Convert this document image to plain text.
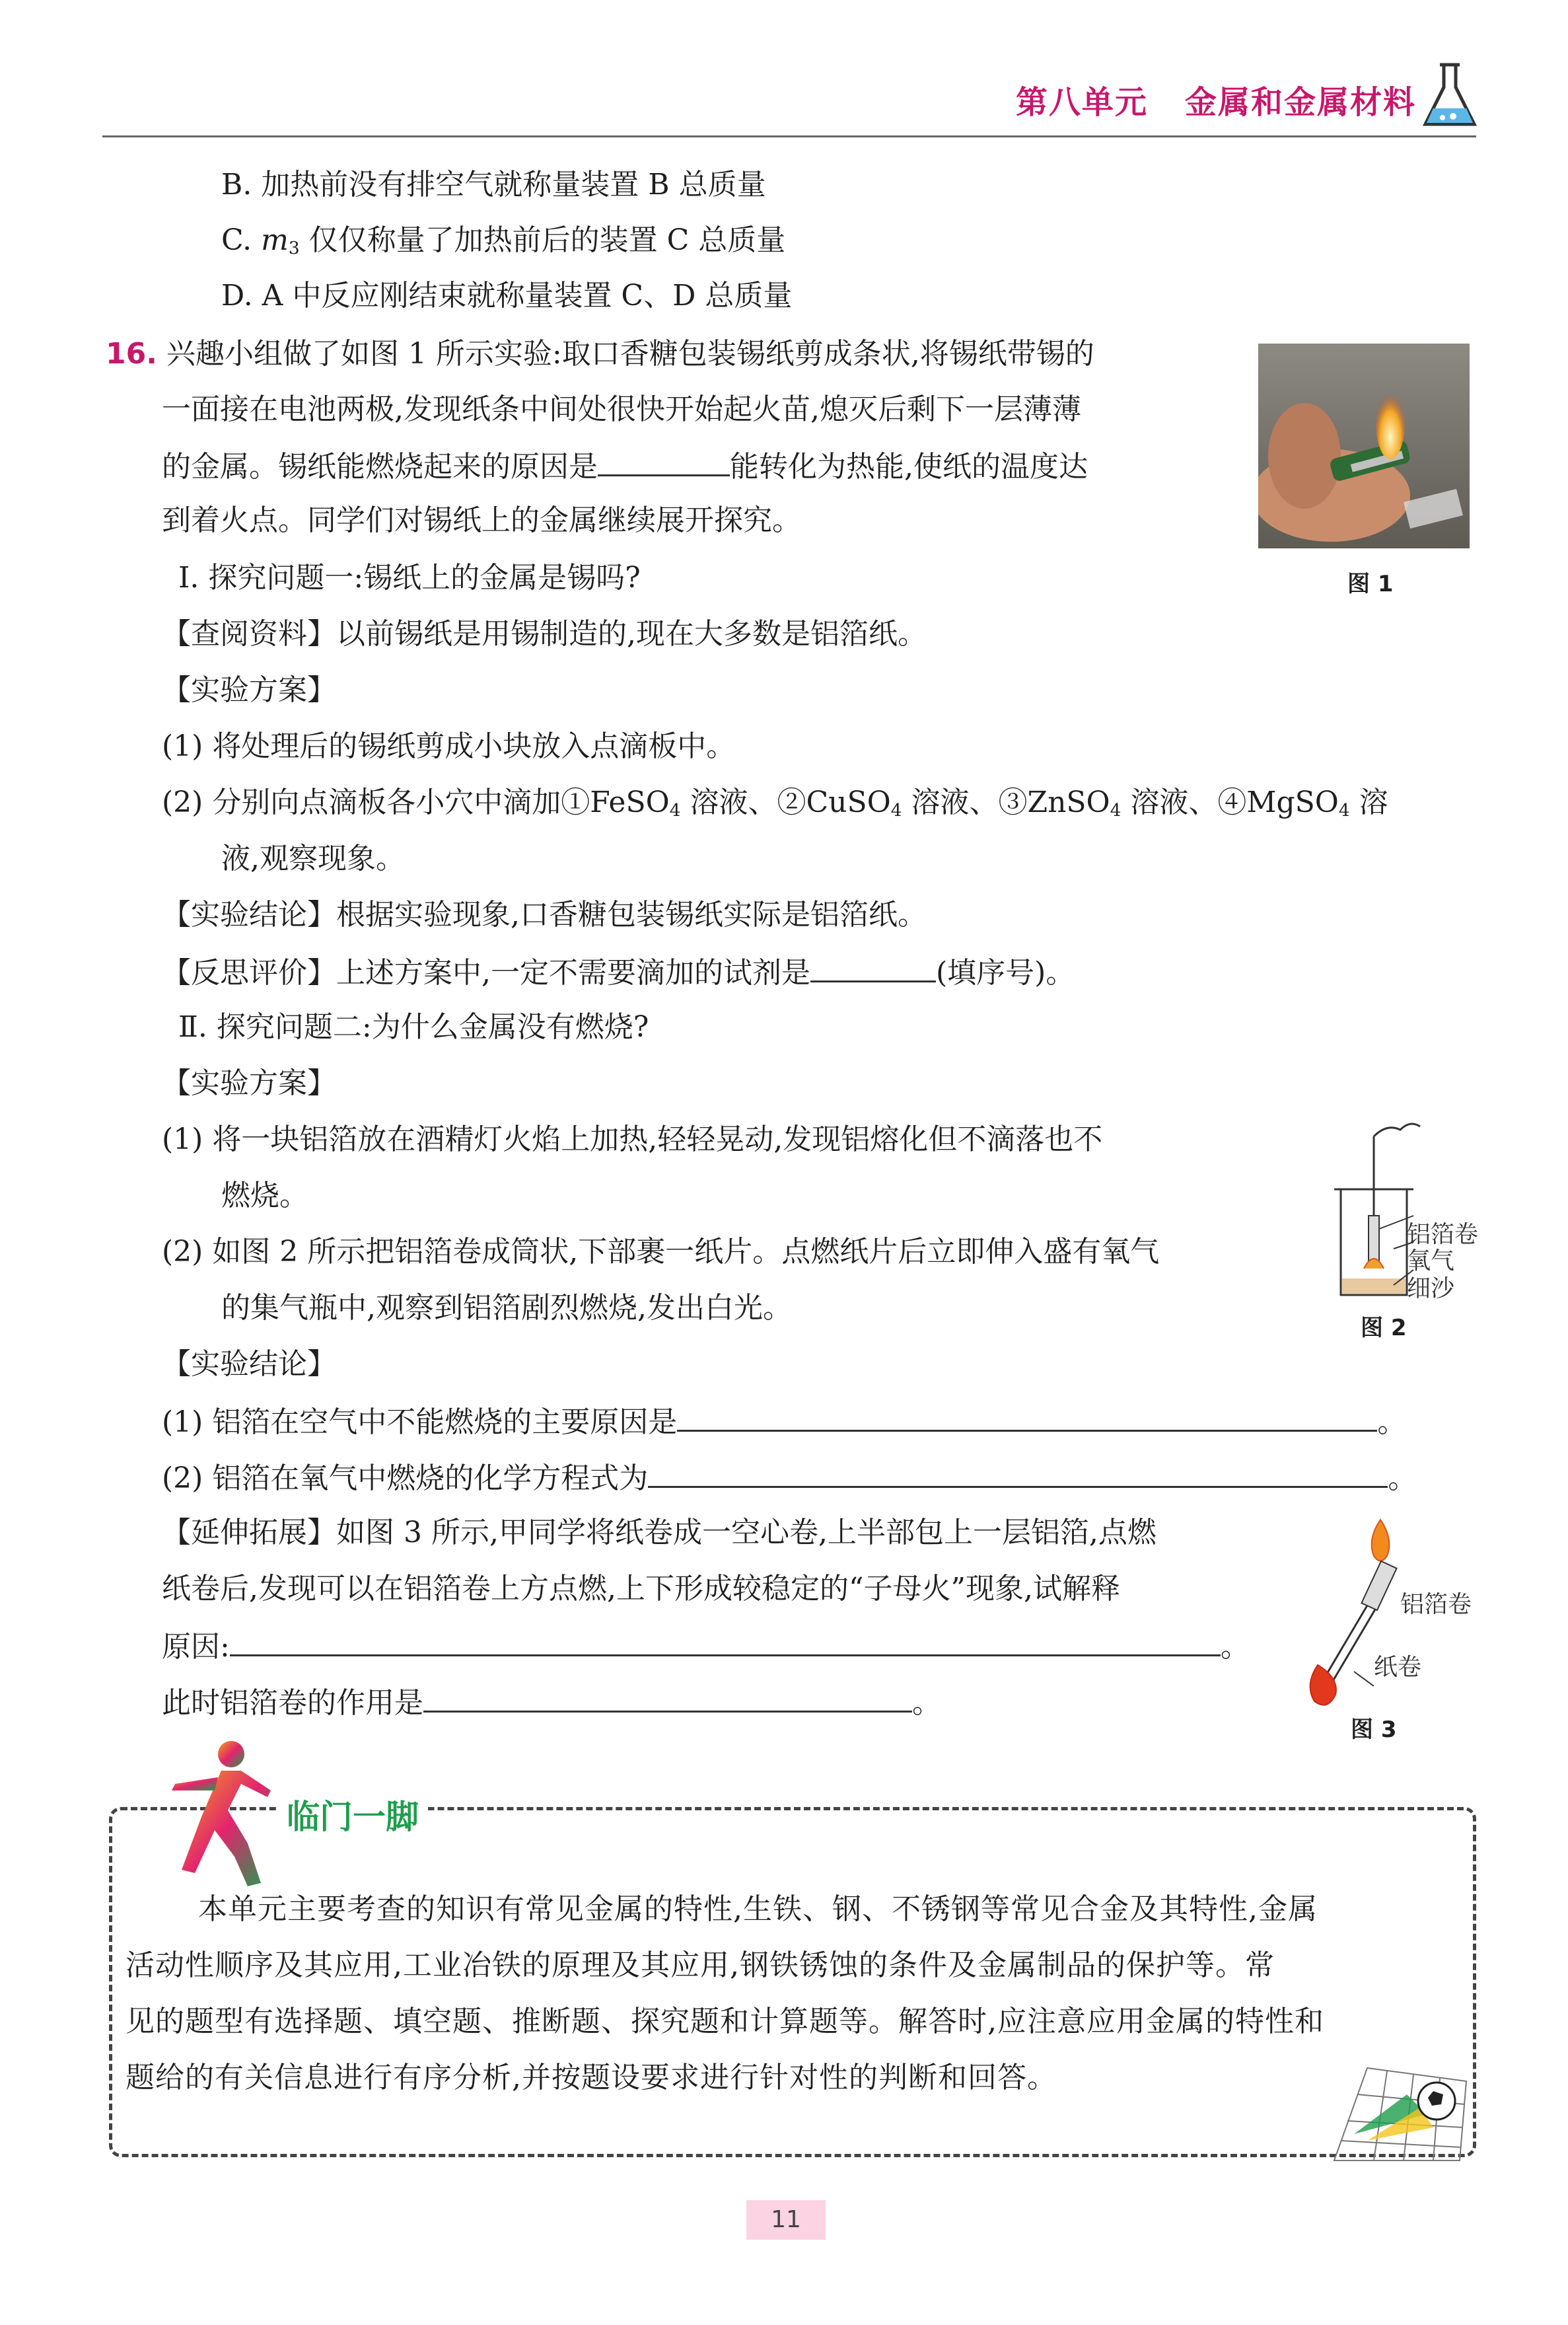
第八单元 金属和金属材料
B. 加热前没有排空气就称量装置 B 总质量
C. $m_3$ 仅仅称量了加热前后的装置 C 总质量
D. A 中反应刚结束就称量装置 C、D 总质量
16. 兴趣小组做了如图 1 所示实验:取口香糖包装锡纸剪成条状,将锡纸带锡的
一面接在电池两极,发现纸条中间处很快开始起火苗,熄灭后剩下一层薄薄
的金属。锡纸能燃烧起来的原因是	能转化为热能,使纸的温度达
到着火点。同学们对锡纸上的金属继续展开探究。
图 1
Ⅰ. 探究问题一:锡纸上的金属是锡吗?
【查阅资料】以前锡纸是用锡制造的,现在大多数是铝箔纸。
【实验方案】
(1) 将处理后的锡纸剪成小块放入点滴板中。
(2) 分别向点滴板各小穴中滴加①FeSO$_4$ 溶液、②CuSO$_4$ 溶液、③ZnSO$_4$ 溶液、④MgSO$_4$ 溶
液,观察现象。
【实验结论】根据实验现象,口香糖包装锡纸实际是铝箔纸。
【反思评价】上述方案中,一定不需要滴加的试剂是	(填序号)。
Ⅱ. 探究问题二:为什么金属没有燃烧?
【实验方案】
(1) 将一块铝箔放在酒精灯火焰上加热,轻轻晃动,发现铝熔化但不滴落也不
燃烧。
(2) 如图 2 所示把铝箔卷成筒状,下部裹一纸片。点燃纸片后立即伸入盛有氧气
的集气瓶中,观察到铝箔剧烈燃烧,发出白光。
铝箔卷
氧气
细沙
图 2
【实验结论】
(1) 铝箔在空气中不能燃烧的主要原因是	。
(2) 铝箔在氧气中燃烧的化学方程式为	。
【延伸拓展】如图 3 所示,甲同学将纸卷成一空心卷,上半部包上一层铝箔,点燃
纸卷后,发现可以在铝箔卷上方点燃,上下形成较稳定的“子母火”现象,试解释
原因:	。
此时铝箔卷的作用是	。
铝箔卷
纸卷
图 3
临门一脚
本单元主要考查的知识有常见金属的特性,生铁、钢、不锈钢等常见合金及其特性,金属
活动性顺序及其应用,工业冶铁的原理及其应用,钢铁锈蚀的条件及金属制品的保护等。常
见的题型有选择题、填空题、推断题、探究题和计算题等。解答时,应注意应用金属的特性和
题给的有关信息进行有序分析,并按题设要求进行针对性的判断和回答。
11
